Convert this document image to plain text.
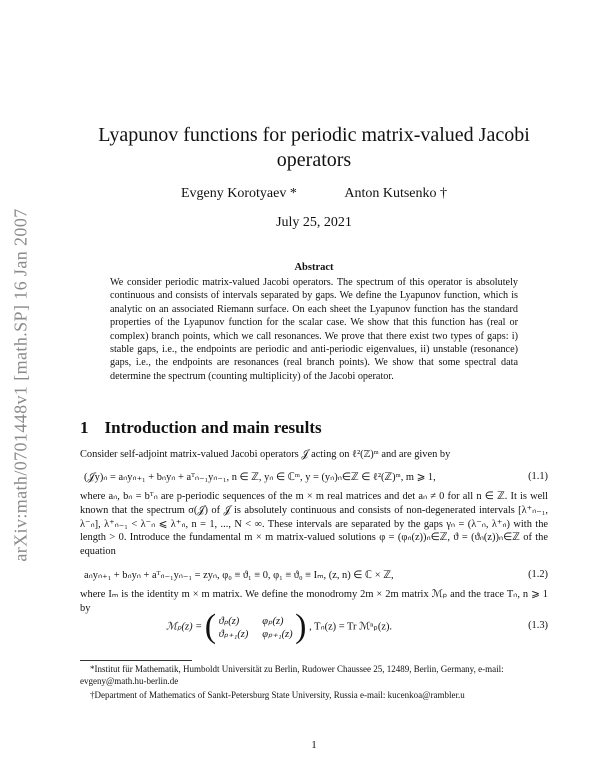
arXiv:math/0701448v1 [math.SP] 16 Jan 2007
Lyapunov functions for periodic matrix-valued Jacobi operators
Evgeny Korotyaev *	Anton Kutsenko †
July 25, 2021
Abstract
We consider periodic matrix-valued Jacobi operators. The spectrum of this operator is absolutely continuous and consists of intervals separated by gaps. We define the Lyapunov function, which is analytic on an associated Riemann surface. On each sheet the Lyapunov function has the standard properties of the Lyapunov function for the scalar case. We show that this function has (real or complex) branch points, which we call resonances. We prove that there exist two types of gaps: i) stable gaps, i.e., the endpoints are periodic and anti-periodic eigenvalues, ii) unstable (resonance) gaps, i.e., the endpoints are resonances (real branch points). We show that some spectral data determine the spectrum (counting multiplicity) of the Jacobi operator.
1 Introduction and main results
Consider self-adjoint matrix-valued Jacobi operators 𝒥 acting on ℓ²(ℤ)ᵐ and are given by
(𝒥y)ₙ = aₙyₙ₊₁ + bₙyₙ + aᵀₙ₋₁yₙ₋₁, n ∈ ℤ, yₙ ∈ ℂᵐ, y = (yₙ)ₙ∈ℤ ∈ ℓ²(ℤ)ᵐ, m ⩾ 1,	(1.1)
where aₙ, bₙ = bᵀₙ are p-periodic sequences of the m × m real matrices and det aₙ ≠ 0 for all n ∈ ℤ. It is well known that the spectrum σ(𝒥) of 𝒥 is absolutely continuous and consists of non-degenerated intervals [λ⁺ₙ₋₁, λ⁻ₙ], λ⁺ₙ₋₁ < λ⁻ₙ ⩽ λ⁺ₙ, n = 1, ..., N < ∞. These intervals are separated by the gaps γₙ = (λ⁻ₙ, λ⁺ₙ) with the length > 0. Introduce the fundamental m × m matrix-valued solutions φ = (φₙ(z))ₙ∈ℤ, ϑ = (ϑₙ(z))ₙ∈ℤ of the equation
aₙyₙ₊₁ + bₙyₙ + aᵀₙ₋₁yₙ₋₁ = zyₙ, φ₀ ≡ ϑ₁ ≡ 0, φ₁ ≡ ϑ₀ ≡ Iₘ, (z, n) ∈ ℂ × ℤ,	(1.2)
where Iₘ is the identity m × m matrix. We define the monodromy 2m × 2m matrix ℳₚ and the trace Tₙ, n ⩾ 1 by
ℳₚ(z) = ( ϑₚ(z)	φₚ(z)
ϑₚ₊₁(z) φₚ₊₁(z) ) , Tₙ(z) = Tr ℳⁿₚ(z).	(1.3)
*Institut für Mathematik, Humboldt Universität zu Berlin, Rudower Chaussee 25, 12489, Berlin, Germany, e-mail: evgeny@math.hu-berlin.de
†Department of Mathematics of Sankt-Petersburg State University, Russia e-mail: kucenkoa@rambler.u
1
